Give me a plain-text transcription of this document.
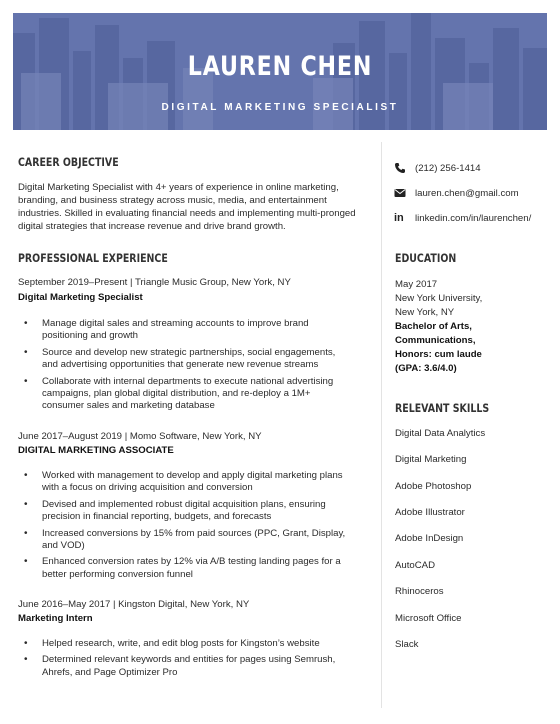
LAUREN CHEN
DIGITAL MARKETING SPECIALIST
CAREER OBJECTIVE
Digital Marketing Specialist with 4+ years of experience in online marketing,
branding, and business strategy across music, media, and entertainment
industries. Skilled in evaluating financial needs and implementing multi-pronged
digital strategies that increase revenue and drive brand growth.
PROFESSIONAL EXPERIENCE
September 2019–Present | Triangle Music Group, New York, NY
Digital Marketing Specialist
• Manage digital sales and streaming accounts to improve brand
positioning and growth
• Source and develop new strategic partnerships, social engagements,
and advertising opportunities that generate new revenue streams
• Collaborate with internal departments to execute national advertising
campaigns, plan global digital distribution, and re-deploy a 1M+
consumer sales and marketing database
June 2017–August 2019 | Momo Software, New York, NY
DIGITAL MARKETING ASSOCIATE
• Worked with management to develop and apply digital marketing plans
with a focus on driving acquisition and conversion
• Devised and implemented robust digital acquisition plans, ensuring
precision in financial reporting, budgets, and forecasts
• Increased conversions by 15% from paid sources (PPC, Grant, Display,
and VOD)
• Enhanced conversion rates by 12% via A/B testing landing pages for a
better performing conversion funnel
June 2016–May 2017 | Kingston Digital, New York, NY
Marketing Intern
• Helped research, write, and edit blog posts for Kingston’s website
• Determined relevant keywords and entities for pages using Semrush,
Ahrefs, and Page Optimizer Pro
(212) 256-1414
lauren.chen@gmail.com
in linkedin.com/in/laurenchen/
EDUCATION
May 2017
New York University,
New York, NY
Bachelor of Arts,
Communications,
Honors: cum laude
(GPA: 3.6/4.0)
RELEVANT SKILLS
Digital Data Analytics
Digital Marketing
Adobe Photoshop
Adobe Illustrator
Adobe InDesign
AutoCAD
Rhinoceros
Microsoft Office
Slack
